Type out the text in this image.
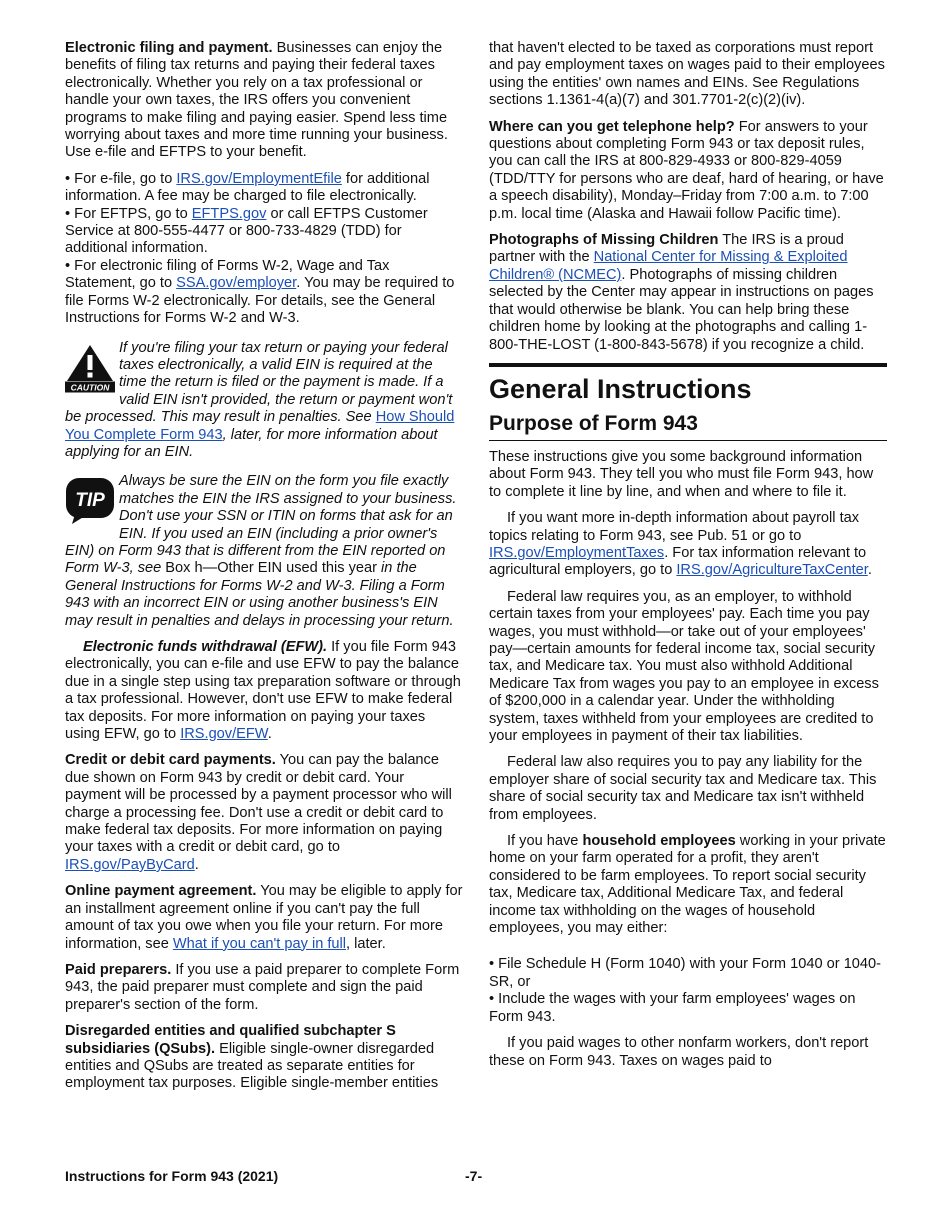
Electronic filing and payment. Businesses can enjoy the benefits of filing tax returns and paying their federal taxes electronically. Whether you rely on a tax professional or handle your own taxes, the IRS offers you convenient programs to make filing and paying easier. Spend less time worrying about taxes and more time running your business. Use e-file and EFTPS to your benefit.

• For e-file, go to IRS.gov/EmploymentEfile for additional information. A fee may be charged to file electronically.

• For EFTPS, go to EFTPS.gov or call EFTPS Customer Service at 800-555-4477 or 800-733-4829 (TDD) for additional information.

• For electronic filing of Forms W-2, Wage and Tax Statement, go to SSA.gov/employer. You may be required to file Forms W-2 electronically. For details, see the General Instructions for Forms W-2 and W-3.

CAUTION
If you're filing your tax return or paying your federal taxes electronically, a valid EIN is required at the time the return is filed or the payment is made. If a valid EIN isn't provided, the return or payment won't be processed. This may result in penalties. See How Should You Complete Form 943, later, for more information about applying for an EIN.
TIP
Always be sure the EIN on the form you file exactly matches the EIN the IRS assigned to your business. Don't use your SSN or ITIN on forms that ask for an EIN. If you used an EIN (including a prior owner's EIN) on Form 943 that is different from the EIN reported on Form W-3, see Box h—Other EIN used this year in the General Instructions for Forms W-2 and W-3. Filing a Form 943 with an incorrect EIN or using another business's EIN may result in penalties and delays in processing your return.

Electronic funds withdrawal (EFW). If you file Form 943 electronically, you can e-file and use EFW to pay the balance due in a single step using tax preparation software or through a tax professional. However, don't use EFW to make federal tax deposits. For more information on paying your taxes using EFW, go to IRS.gov/EFW.

Credit or debit card payments. You can pay the balance due shown on Form 943 by credit or debit card. Your payment will be processed by a payment processor who will charge a processing fee. Don't use a credit or debit card to make federal tax deposits. For more information on paying your taxes with a credit or debit card, go to IRS.gov/PayByCard.

Online payment agreement. You may be eligible to apply for an installment agreement online if you can't pay the full amount of tax you owe when you file your return. For more information, see What if you can't pay in full, later.

Paid preparers. If you use a paid preparer to complete Form 943, the paid preparer must complete and sign the paid preparer's section of the form.

Disregarded entities and qualified subchapter S subsidiaries (QSubs). Eligible single-owner disregarded entities and QSubs are treated as separate entities for employment tax purposes. Eligible single-member entities

that haven't elected to be taxed as corporations must report and pay employment taxes on wages paid to their employees using the entities' own names and EINs. See Regulations sections 1.1361-4(a)(7) and 301.7701-2(c)(2)(iv).

Where can you get telephone help? For answers to your questions about completing Form 943 or tax deposit rules, you can call the IRS at 800-829-4933 or 800-829-4059 (TDD/TTY for persons who are deaf, hard of hearing, or have a speech disability), Monday–Friday from 7:00 a.m. to 7:00 p.m. local time (Alaska and Hawaii follow Pacific time).

Photographs of Missing Children The IRS is a proud partner with the National Center for Missing & Exploited Children® (NCMEC). Photographs of missing children selected by the Center may appear in instructions on pages that would otherwise be blank. You can help bring these children home by looking at the photographs and calling 1-800-THE-LOST (1-800-843-5678) if you recognize a child.

General Instructions
Purpose of Form 943

These instructions give you some background information about Form 943. They tell you who must file Form 943, how to complete it line by line, and when and where to file it.

If you want more in-depth information about payroll tax topics relating to Form 943, see Pub. 51 or go to IRS.gov/EmploymentTaxes. For tax information relevant to agricultural employers, go to IRS.gov/AgricultureTaxCenter.

Federal law requires you, as an employer, to withhold certain taxes from your employees' pay. Each time you pay wages, you must withhold—or take out of your employees' pay—certain amounts for federal income tax, social security tax, and Medicare tax. You must also withhold Additional Medicare Tax from wages you pay to an employee in excess of $200,000 in a calendar year. Under the withholding system, taxes withheld from your employees are credited to your employees in payment of their tax liabilities.

Federal law also requires you to pay any liability for the employer share of social security tax and Medicare tax. This share of social security tax and Medicare tax isn't withheld from employees.

If you have household employees working in your private home on your farm operated for a profit, they aren't considered to be farm employees. To report social security tax, Medicare tax, Additional Medicare Tax, and federal income tax withholding on the wages of household employees, you may either:

• File Schedule H (Form 1040) with your Form 1040 or 1040-SR, or

• Include the wages with your farm employees' wages on Form 943.

If you paid wages to other nonfarm workers, don't report these on Form 943. Taxes on wages paid to

Instructions for Form 943 (2021)	-7-
